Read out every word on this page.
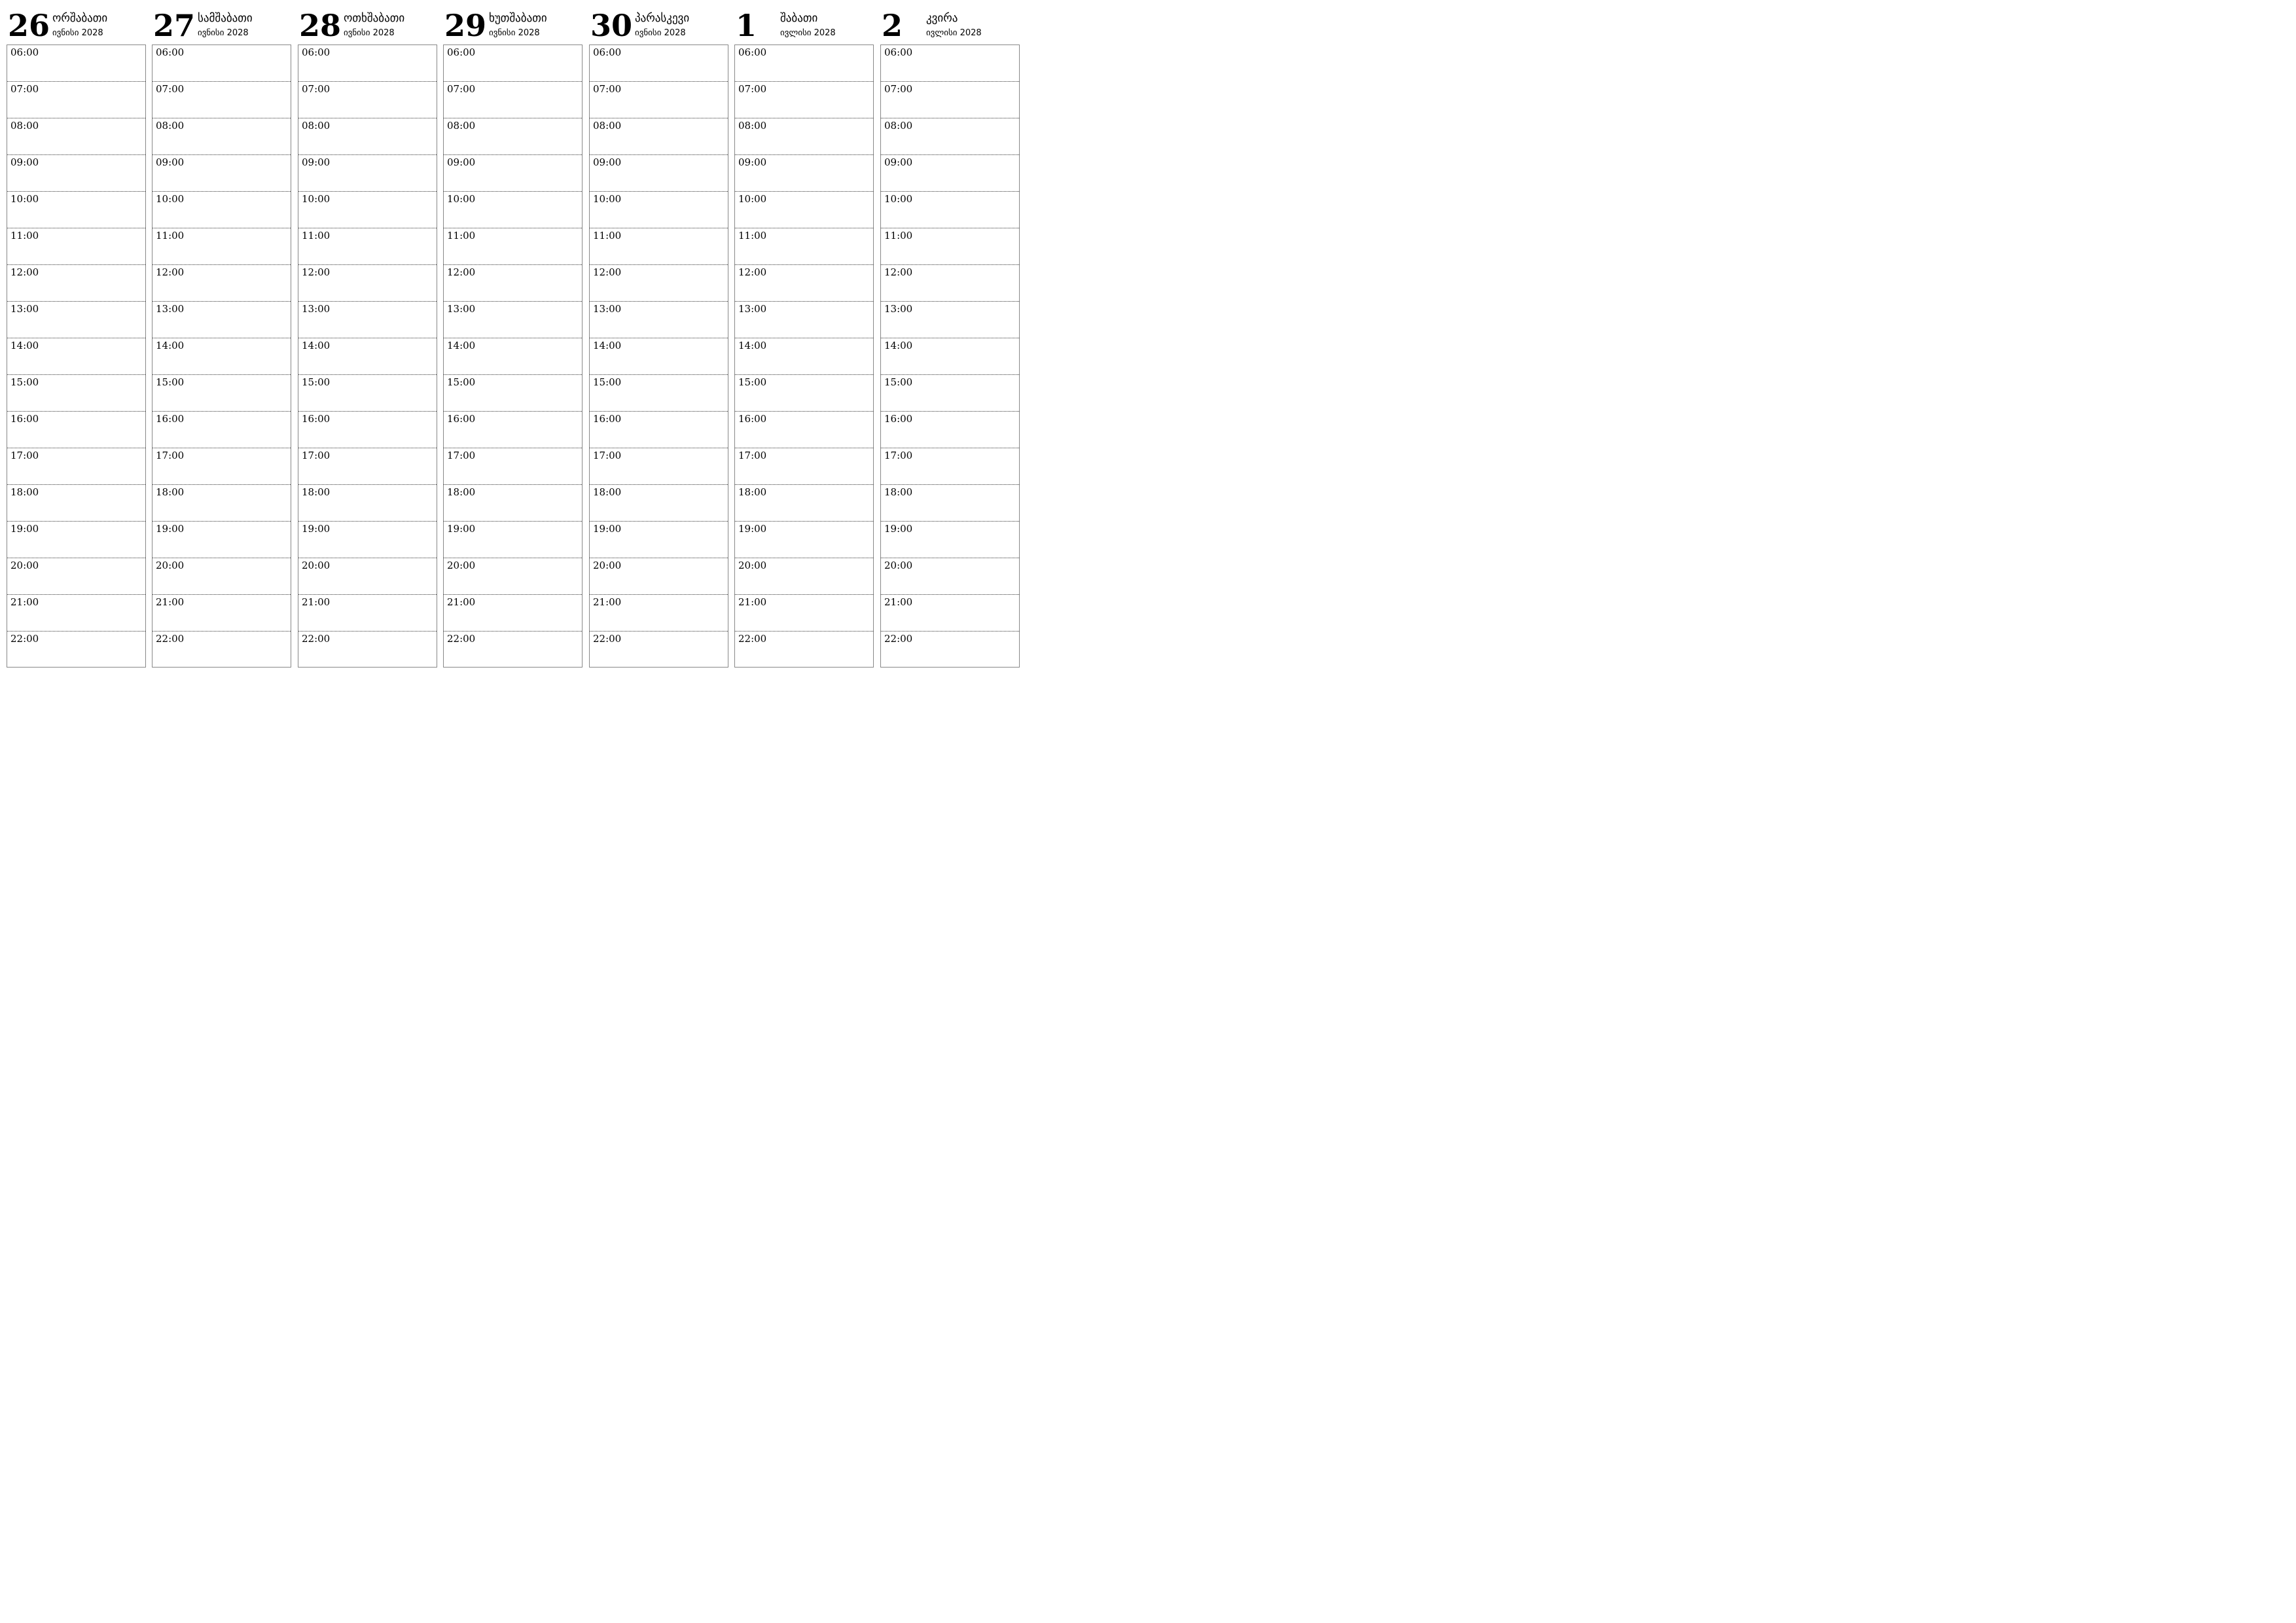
26 ორშაბათი
ივნისი 2028
06:00
07:00
08:00
09:00
10:00
11:00
12:00
13:00
14:00
15:00
16:00
17:00
18:00
19:00
20:00
21:00
22:00
27 სამშაბათი
ივნისი 2028
06:00
07:00
08:00
09:00
10:00
11:00
12:00
13:00
14:00
15:00
16:00
17:00
18:00
19:00
20:00
21:00
22:00
28 ოთხშაბათი
ივნისი 2028
06:00
07:00
08:00
09:00
10:00
11:00
12:00
13:00
14:00
15:00
16:00
17:00
18:00
19:00
20:00
21:00
22:00
29 ხუთშაბათი
ივნისი 2028
06:00
07:00
08:00
09:00
10:00
11:00
12:00
13:00
14:00
15:00
16:00
17:00
18:00
19:00
20:00
21:00
22:00
30 პარასკევი
ივნისი 2028
06:00
07:00
08:00
09:00
10:00
11:00
12:00
13:00
14:00
15:00
16:00
17:00
18:00
19:00
20:00
21:00
22:00
1 შაბათი
ივლისი 2028
06:00
07:00
08:00
09:00
10:00
11:00
12:00
13:00
14:00
15:00
16:00
17:00
18:00
19:00
20:00
21:00
22:00
2 კვირა
ივლისი 2028
06:00
07:00
08:00
09:00
10:00
11:00
12:00
13:00
14:00
15:00
16:00
17:00
18:00
19:00
20:00
21:00
22:00
